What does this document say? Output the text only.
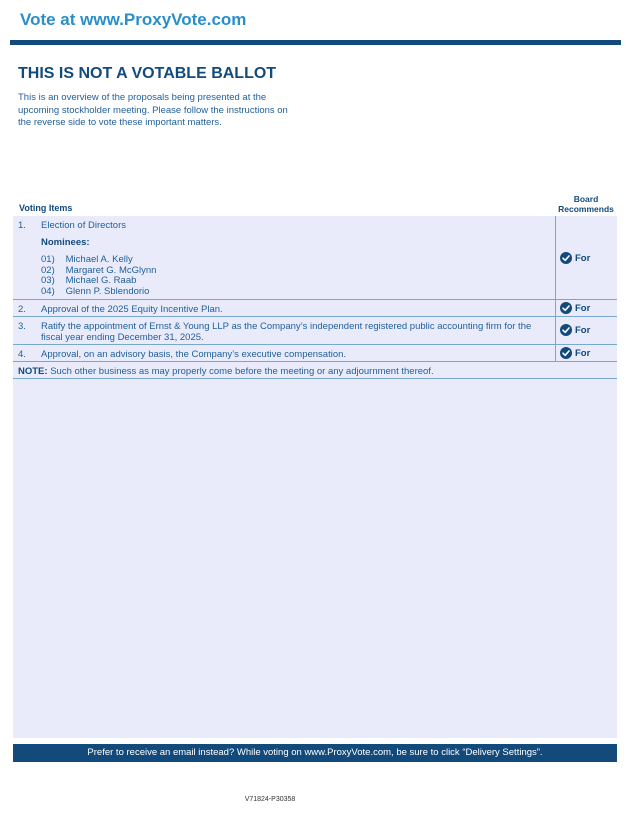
Vote at www.ProxyVote.com
THIS IS NOT A VOTABLE BALLOT
This is an overview of the proposals being presented at the
upcoming stockholder meeting. Please follow the instructions on
the reverse side to vote these important matters.
Voting Items
Board
Recommends
1. Election of Directors
Nominees:
01) Michael A. Kelly
02) Margaret G. McGlynn
03) Michael G. Raab
04) Glenn P. Sblendorio
For
2. Approval of the 2025 Equity Incentive Plan.	For
3. Ratify the appointment of Ernst & Young LLP as the Company’s independent registered public accounting firm for the
fiscal year ending December 31, 2025.
For
4. Approval, on an advisory basis, the Company’s executive compensation.	For
NOTE: Such other business as may properly come before the meeting or any adjournment thereof.
Prefer to receive an email instead? While voting on www.ProxyVote.com, be sure to click “Delivery Settings”.
V71824-P30358
